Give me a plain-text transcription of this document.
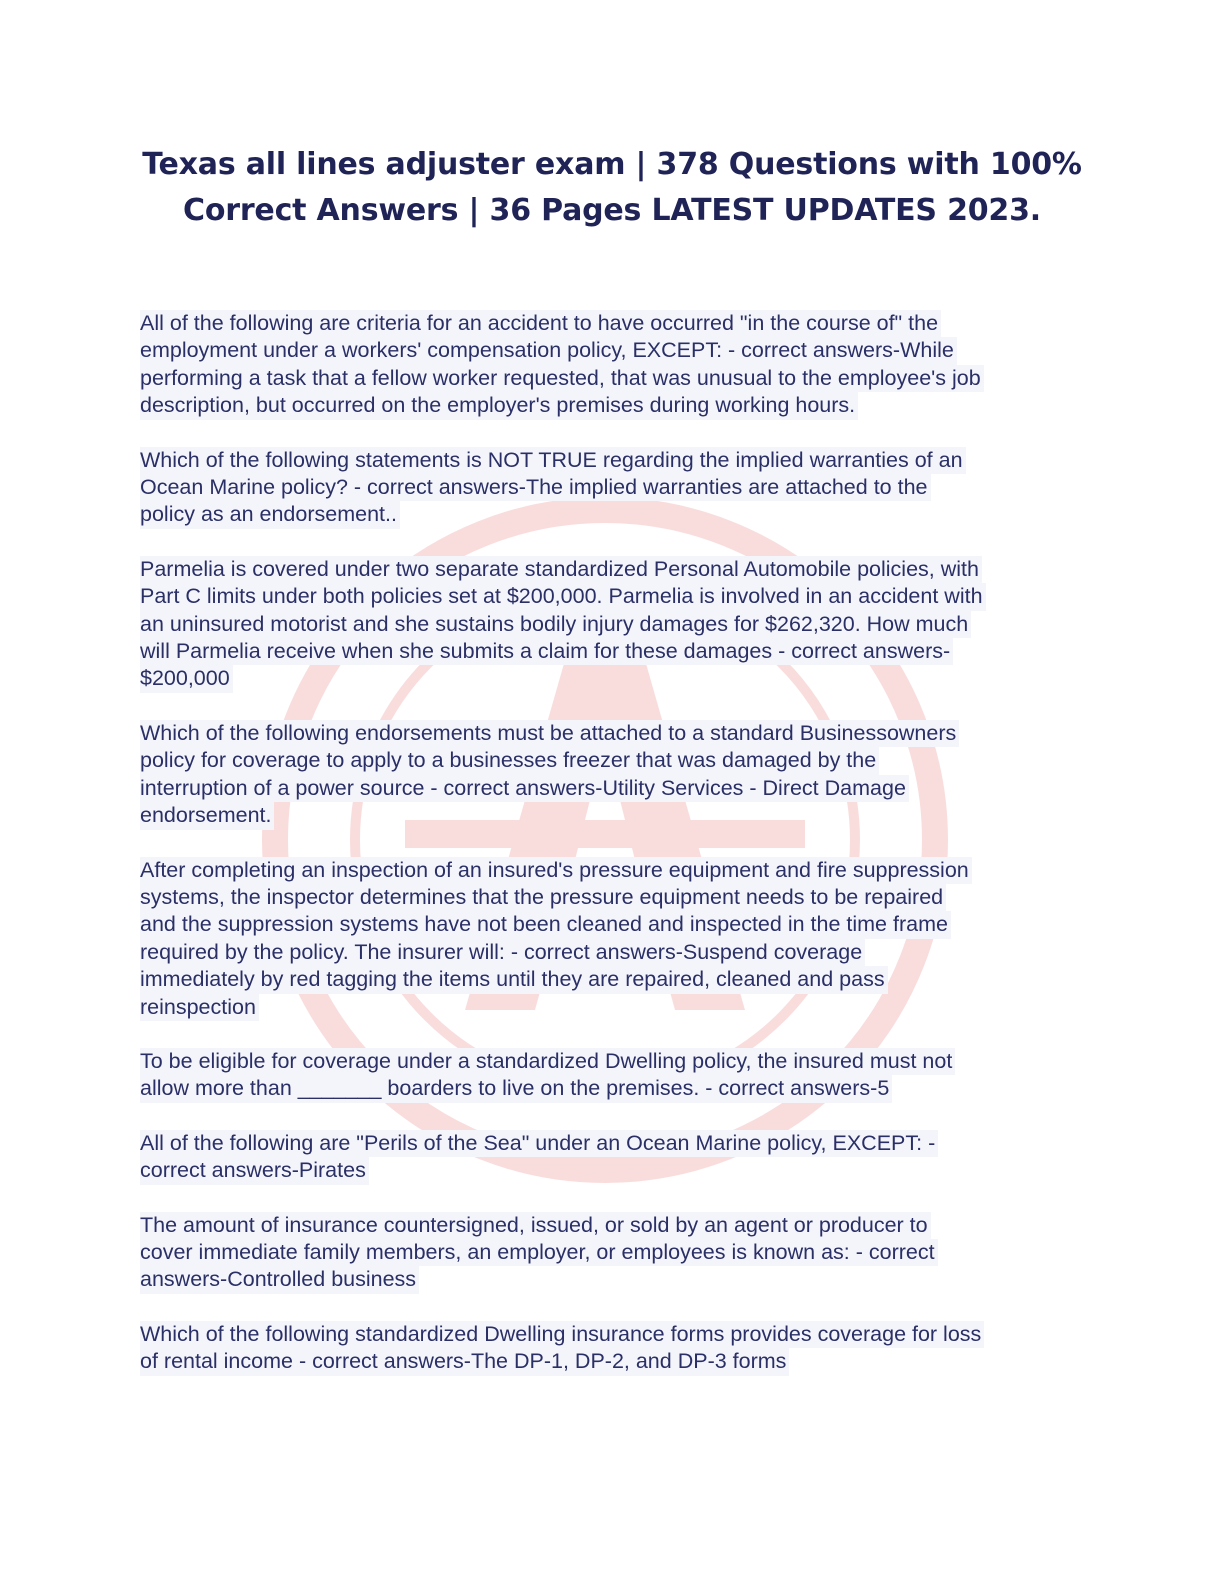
Texas all lines adjuster exam | 378 Questions with 100%
Correct Answers | 36 Pages LATEST UPDATES 2023.
All of the following are criteria for an accident to have occurred "in the course of" the
employment under a workers' compensation policy, EXCEPT: - correct answers-While
performing a task that a fellow worker requested, that was unusual to the employee's job
description, but occurred on the employer's premises during working hours.
Which of the following statements is NOT TRUE regarding the implied warranties of an
Ocean Marine policy? - correct answers-The implied warranties are attached to the
policy as an endorsement..
Parmelia is covered under two separate standardized Personal Automobile policies, with
Part C limits under both policies set at $200,000. Parmelia is involved in an accident with
an uninsured motorist and she sustains bodily injury damages for $262,320. How much
will Parmelia receive when she submits a claim for these damages - correct answers-
$200,000
Which of the following endorsements must be attached to a standard Businessowners
policy for coverage to apply to a businesses freezer that was damaged by the
interruption of a power source - correct answers-Utility Services - Direct Damage
endorsement.
After completing an inspection of an insured's pressure equipment and fire suppression
systems, the inspector determines that the pressure equipment needs to be repaired
and the suppression systems have not been cleaned and inspected in the time frame
required by the policy. The insurer will: - correct answers-Suspend coverage
immediately by red tagging the items until they are repaired, cleaned and pass
reinspection
To be eligible for coverage under a standardized Dwelling policy, the insured must not
allow more than _______ boarders to live on the premises. - correct answers-5
All of the following are "Perils of the Sea" under an Ocean Marine policy, EXCEPT: -
correct answers-Pirates
The amount of insurance countersigned, issued, or sold by an agent or producer to
cover immediate family members, an employer, or employees is known as: - correct
answers-Controlled business
Which of the following standardized Dwelling insurance forms provides coverage for loss
of rental income - correct answers-The DP-1, DP-2, and DP-3 forms
